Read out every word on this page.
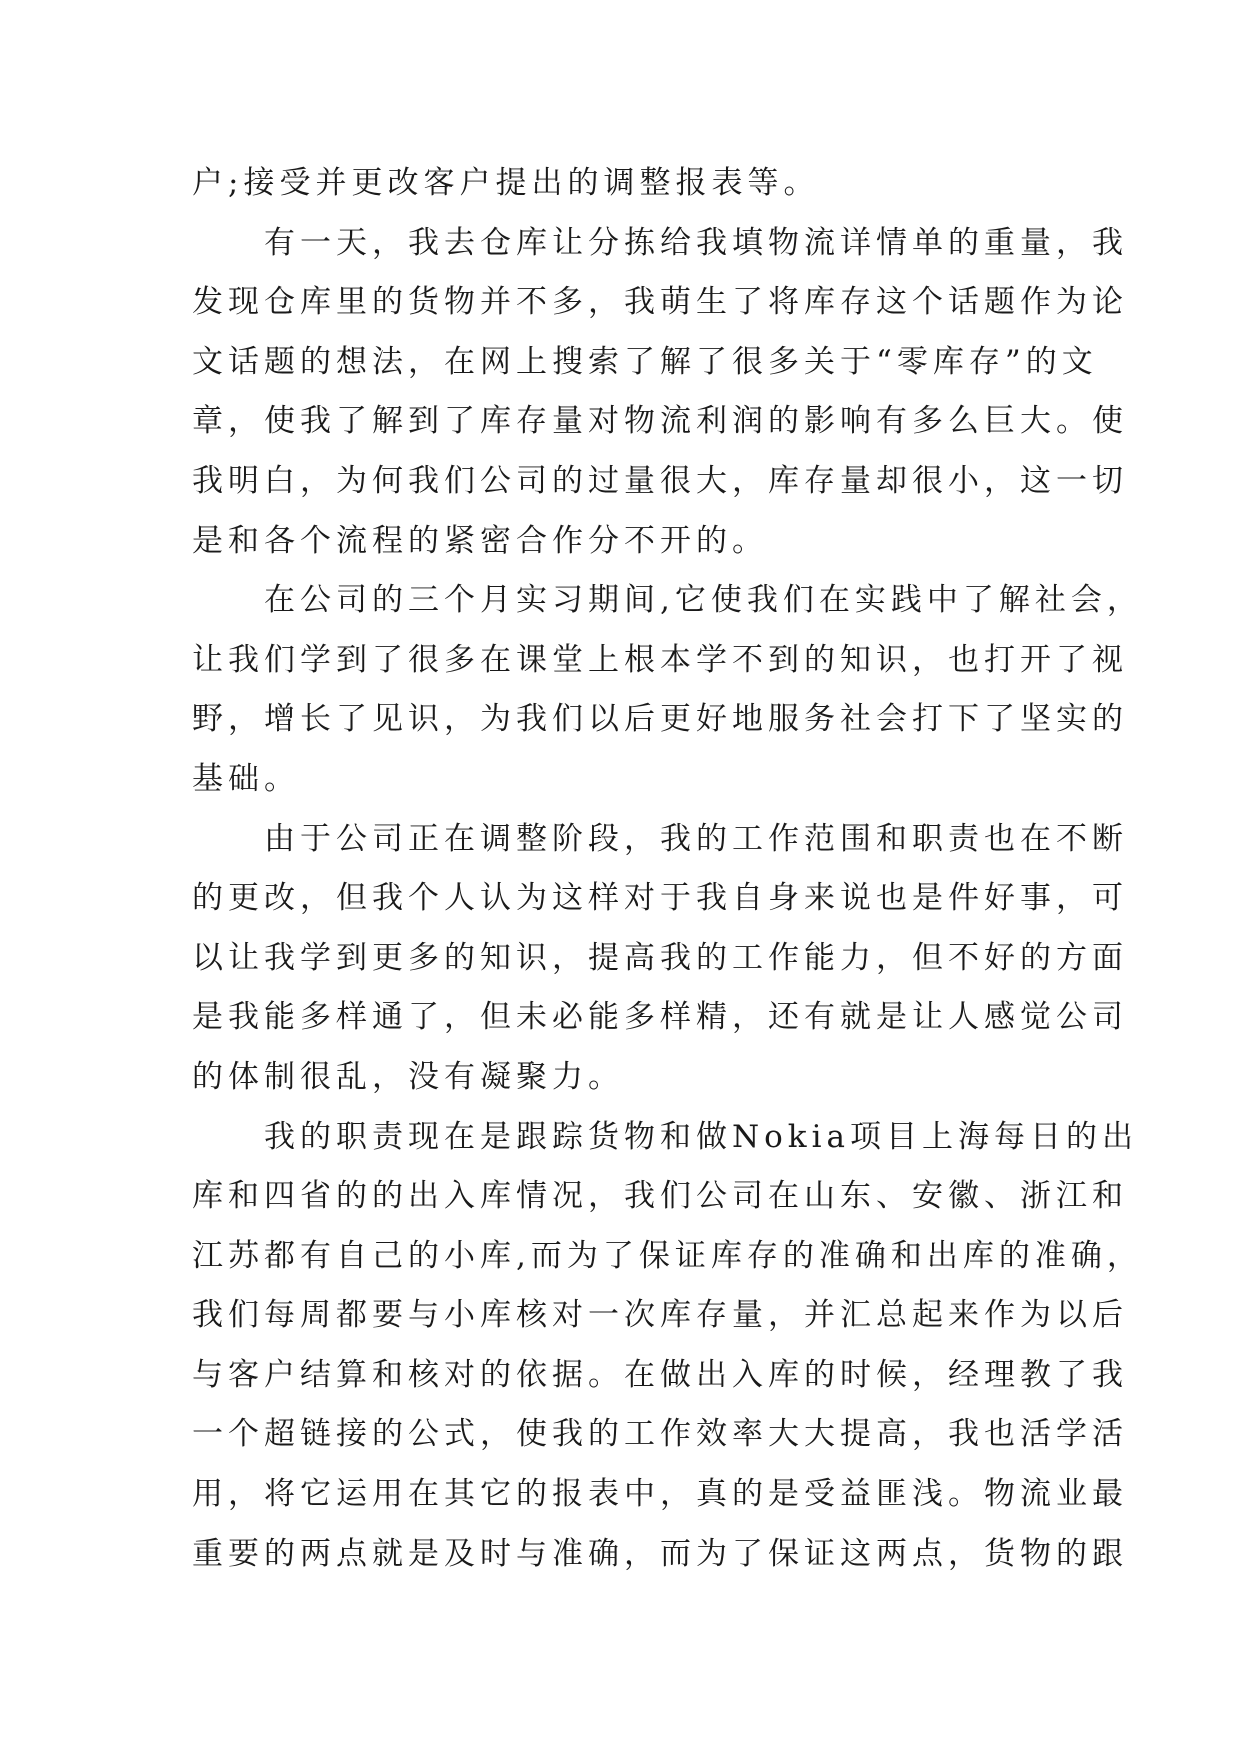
户;接受并更改客户提出的调整报表等。
有一天，我去仓库让分拣给我填物流详情单的重量，我
发现仓库里的货物并不多，我萌生了将库存这个话题作为论
文话题的想法，在网上搜索了解了很多关于“零库存”的文
章，使我了解到了库存量对物流利润的影响有多么巨大。使
我明白，为何我们公司的过量很大，库存量却很小，这一切
是和各个流程的紧密合作分不开的。
在公司的三个月实习期间,它使我们在实践中了解社会，
让我们学到了很多在课堂上根本学不到的知识，也打开了视
野，增长了见识，为我们以后更好地服务社会打下了坚实的
基础。
由于公司正在调整阶段，我的工作范围和职责也在不断
的更改，但我个人认为这样对于我自身来说也是件好事，可
以让我学到更多的知识，提高我的工作能力，但不好的方面
是我能多样通了，但未必能多样精，还有就是让人感觉公司
的体制很乱，没有凝聚力。
我的职责现在是跟踪货物和做Nokia项目上海每日的出
库和四省的的出入库情况，我们公司在山东、安徽、浙江和
江苏都有自己的小库,而为了保证库存的准确和出库的准确，
我们每周都要与小库核对一次库存量，并汇总起来作为以后
与客户结算和核对的依据。在做出入库的时候，经理教了我
一个超链接的公式，使我的工作效率大大提高，我也活学活
用，将它运用在其它的报表中，真的是受益匪浅。物流业最
重要的两点就是及时与准确，而为了保证这两点，货物的跟
